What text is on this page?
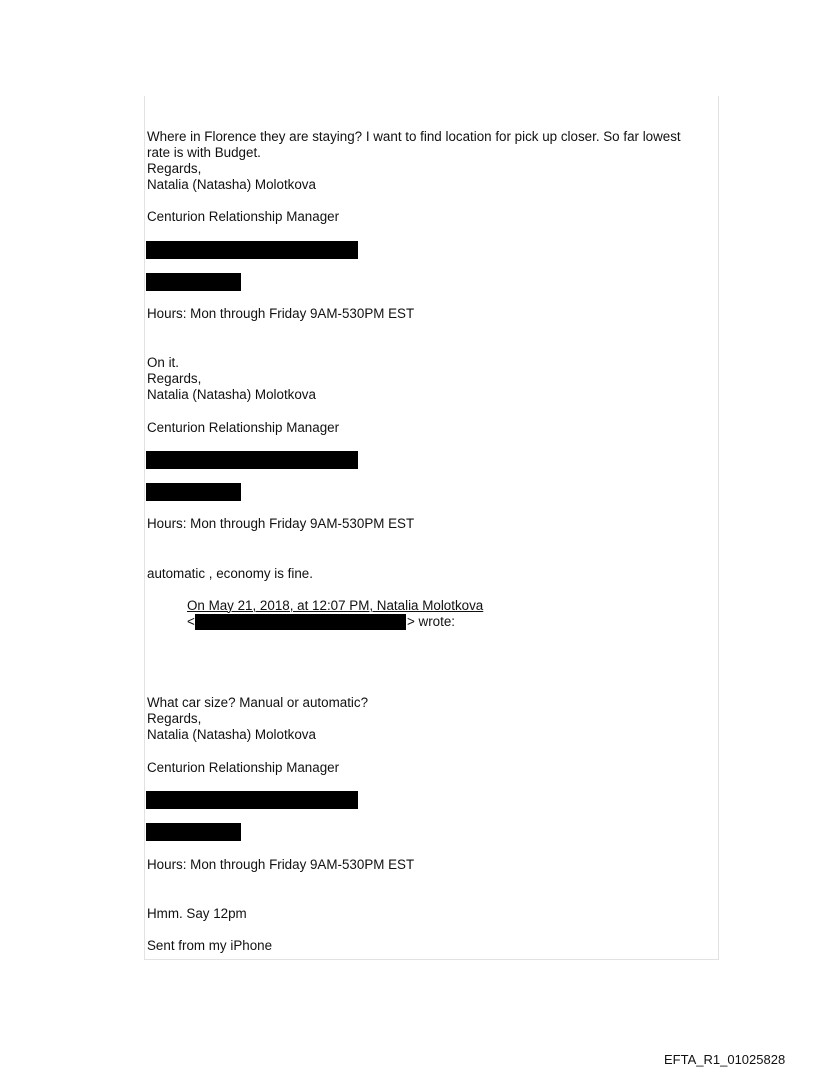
Where in Florence they are staying? I want to find location for pick up closer. So far lowest
rate is with Budget.
Regards,
Natalia (Natasha) Molotkova
Centurion Relationship Manager
Hours: Mon through Friday 9AM-530PM EST
On it.
Regards,
Natalia (Natasha) Molotkova
Centurion Relationship Manager
Hours: Mon through Friday 9AM-530PM EST
automatic , economy is fine.
On May 21, 2018, at 12:07 PM, Natalia Molotkova
<	> wrote:
What car size? Manual or automatic?
Regards,
Natalia (Natasha) Molotkova
Centurion Relationship Manager
Hours: Mon through Friday 9AM-530PM EST
Hmm. Say 12pm
Sent from my iPhone
EFTA_R1_01025828
